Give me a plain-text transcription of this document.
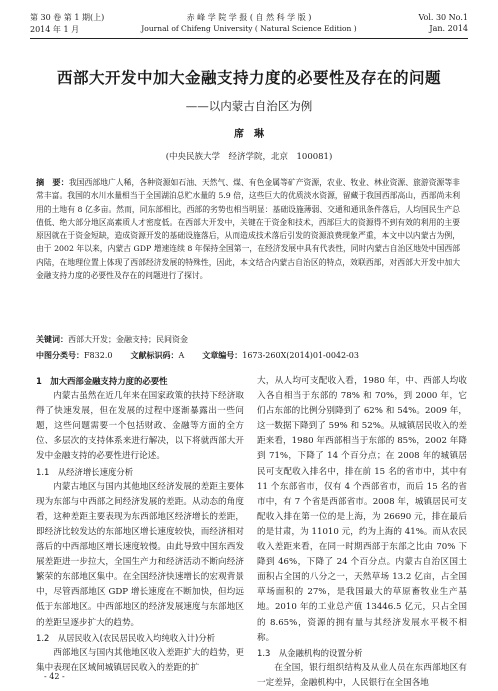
第 30 卷 第 1 期(上)	赤 峰 学 院 学 报 ( 自 然 科 学 版 )	Vol. 30 No.1
2014 年 1 月	Journal of Chifeng University ( Natural Science Edition )	Jan. 2014
西部大开发中加大金融支持力度的必要性及存在的问题
——以内蒙古自治区为例
席　琳
(中央民族大学　经济学院，北京　100081)
摘　要：我国西部地广人稀，各种资源如石油、天然气、煤、有色金属等矿产资源，农业、牧业、林业资源、旅游资源等非常丰富。我国的水川水量相当于全国湖泊总贮水量的 5.9 倍，这些巨大的优质淡水资源，留藏于我国西部高山，西部尚未利用的土地有 8 亿多亩。然而，同东部相比，西部的劣势也相当明显：基础设施薄弱、交通和通讯条件落后，人均国民生产总值低、绝大部分地区高素质人才密度低。在西部大开发中，关键在于资金和技术，西部巨大的资源得不到有效的利用的主要原因就在于资金短缺，造成资源开发的基础设施落后，从而造成技术落后引发的资源浪费现象严重，本文中以内蒙古为例，由于 2002 年以来，内蒙古 GDP 增速连续 8 年保持全国第一，在经济发展中具有代表性，同时内蒙古自治区地处中国西部内陆，在地理位置上体现了西部经济发展的特殊性，因此，本文结合内蒙古自治区的特点，效联西部，对西部大开发中加大金融支持力度的必要性及存在的问题进行了探讨。
关键词：西部大开发；金融支持；民间资金
中图分类号：F832.0 文献标识码：A 文章编号：1673-260X(2014)01-0042-03

1　加大西部金融支持力度的必要性

内蒙古虽然在近几年来在国家政策的扶持下经济取得了快速发展，但在发展的过程中逐渐暴露出一些问题，这些问题需要一个包括财政、金融等方面的全方位、多层次的支持体系来进行解决，以下将就西部大开发中金融支持的必要性进行论述。

1.1　从经济增长速度分析

内蒙古地区与国内其他地区经济发展的差距主要体现为东部与中西部之间经济发展的差距。从动态的角度看，这种差距主要表现为东西部地区经济增长的差距，即经济比较发达的东部地区增长速度较快，而经济相对落后的中西部地区增长速度较慢。由此导致中国东西发展差距进一步拉大，全国生产力和经济活动不断向经济繁荣的东部地区集中。在全国经济快速增长的宏观背景中，尽管西部地区 GDP 增长速度在不断加快，但均远低于东部地区。中西部地区的经济发展速度与东部地区的差距呈逐步扩大的趋势。

1.2　从居民收入(农民居民收入均纯收入计)分析

西部地区与国内其他地区收入差距扩大的趋势，更集中表现在区域间城镇居民收入的差距的扩

大，从人均可支配收入看，1980 年，中、西部人均收入各自相当于东部的 78% 和 70%，到 2000 年，它们占东部的比例分别降到了 62% 和 54%。2009 年，这一数据下降到了 59% 和 52%。从城镇居民收入的差距来看，1980 年西部相当于东部的 85%，2002 年降到 71%，下降了 14 个百分点；在 2008 年的城镇居民可支配收入排名中，排在前 15 名的省市中，其中有 11 个东部省市，仅有 4 个西部省市，而后 15 名的省市中，有 7 个省是西部省市。2008 年，城镇居民可支配收入排在第一位的是上海，为 26690 元，排在最后的是甘肃，为 11010 元，约为上海的 41%。而从农民收入差距来看，在同一时期西部于东部之比由 70% 下降到 46%，下降了 24 个百分点。内蒙古自治区国土面积占全国的八分之一，天然草场 13.2 亿亩，占全国草场面积的 27%，是我国最大的草原畜牧业生产基地。2010 年的工业总产值 13446.5 亿元，只占全国的 8.65%，资源的拥有量与其经济发展水平极不相称。

1.3　从金融机构的设置分析

在全国，银行组织结构及从业人员在东西部地区有一定差异，金融机构中，人民银行在全国各地

- 42 -
